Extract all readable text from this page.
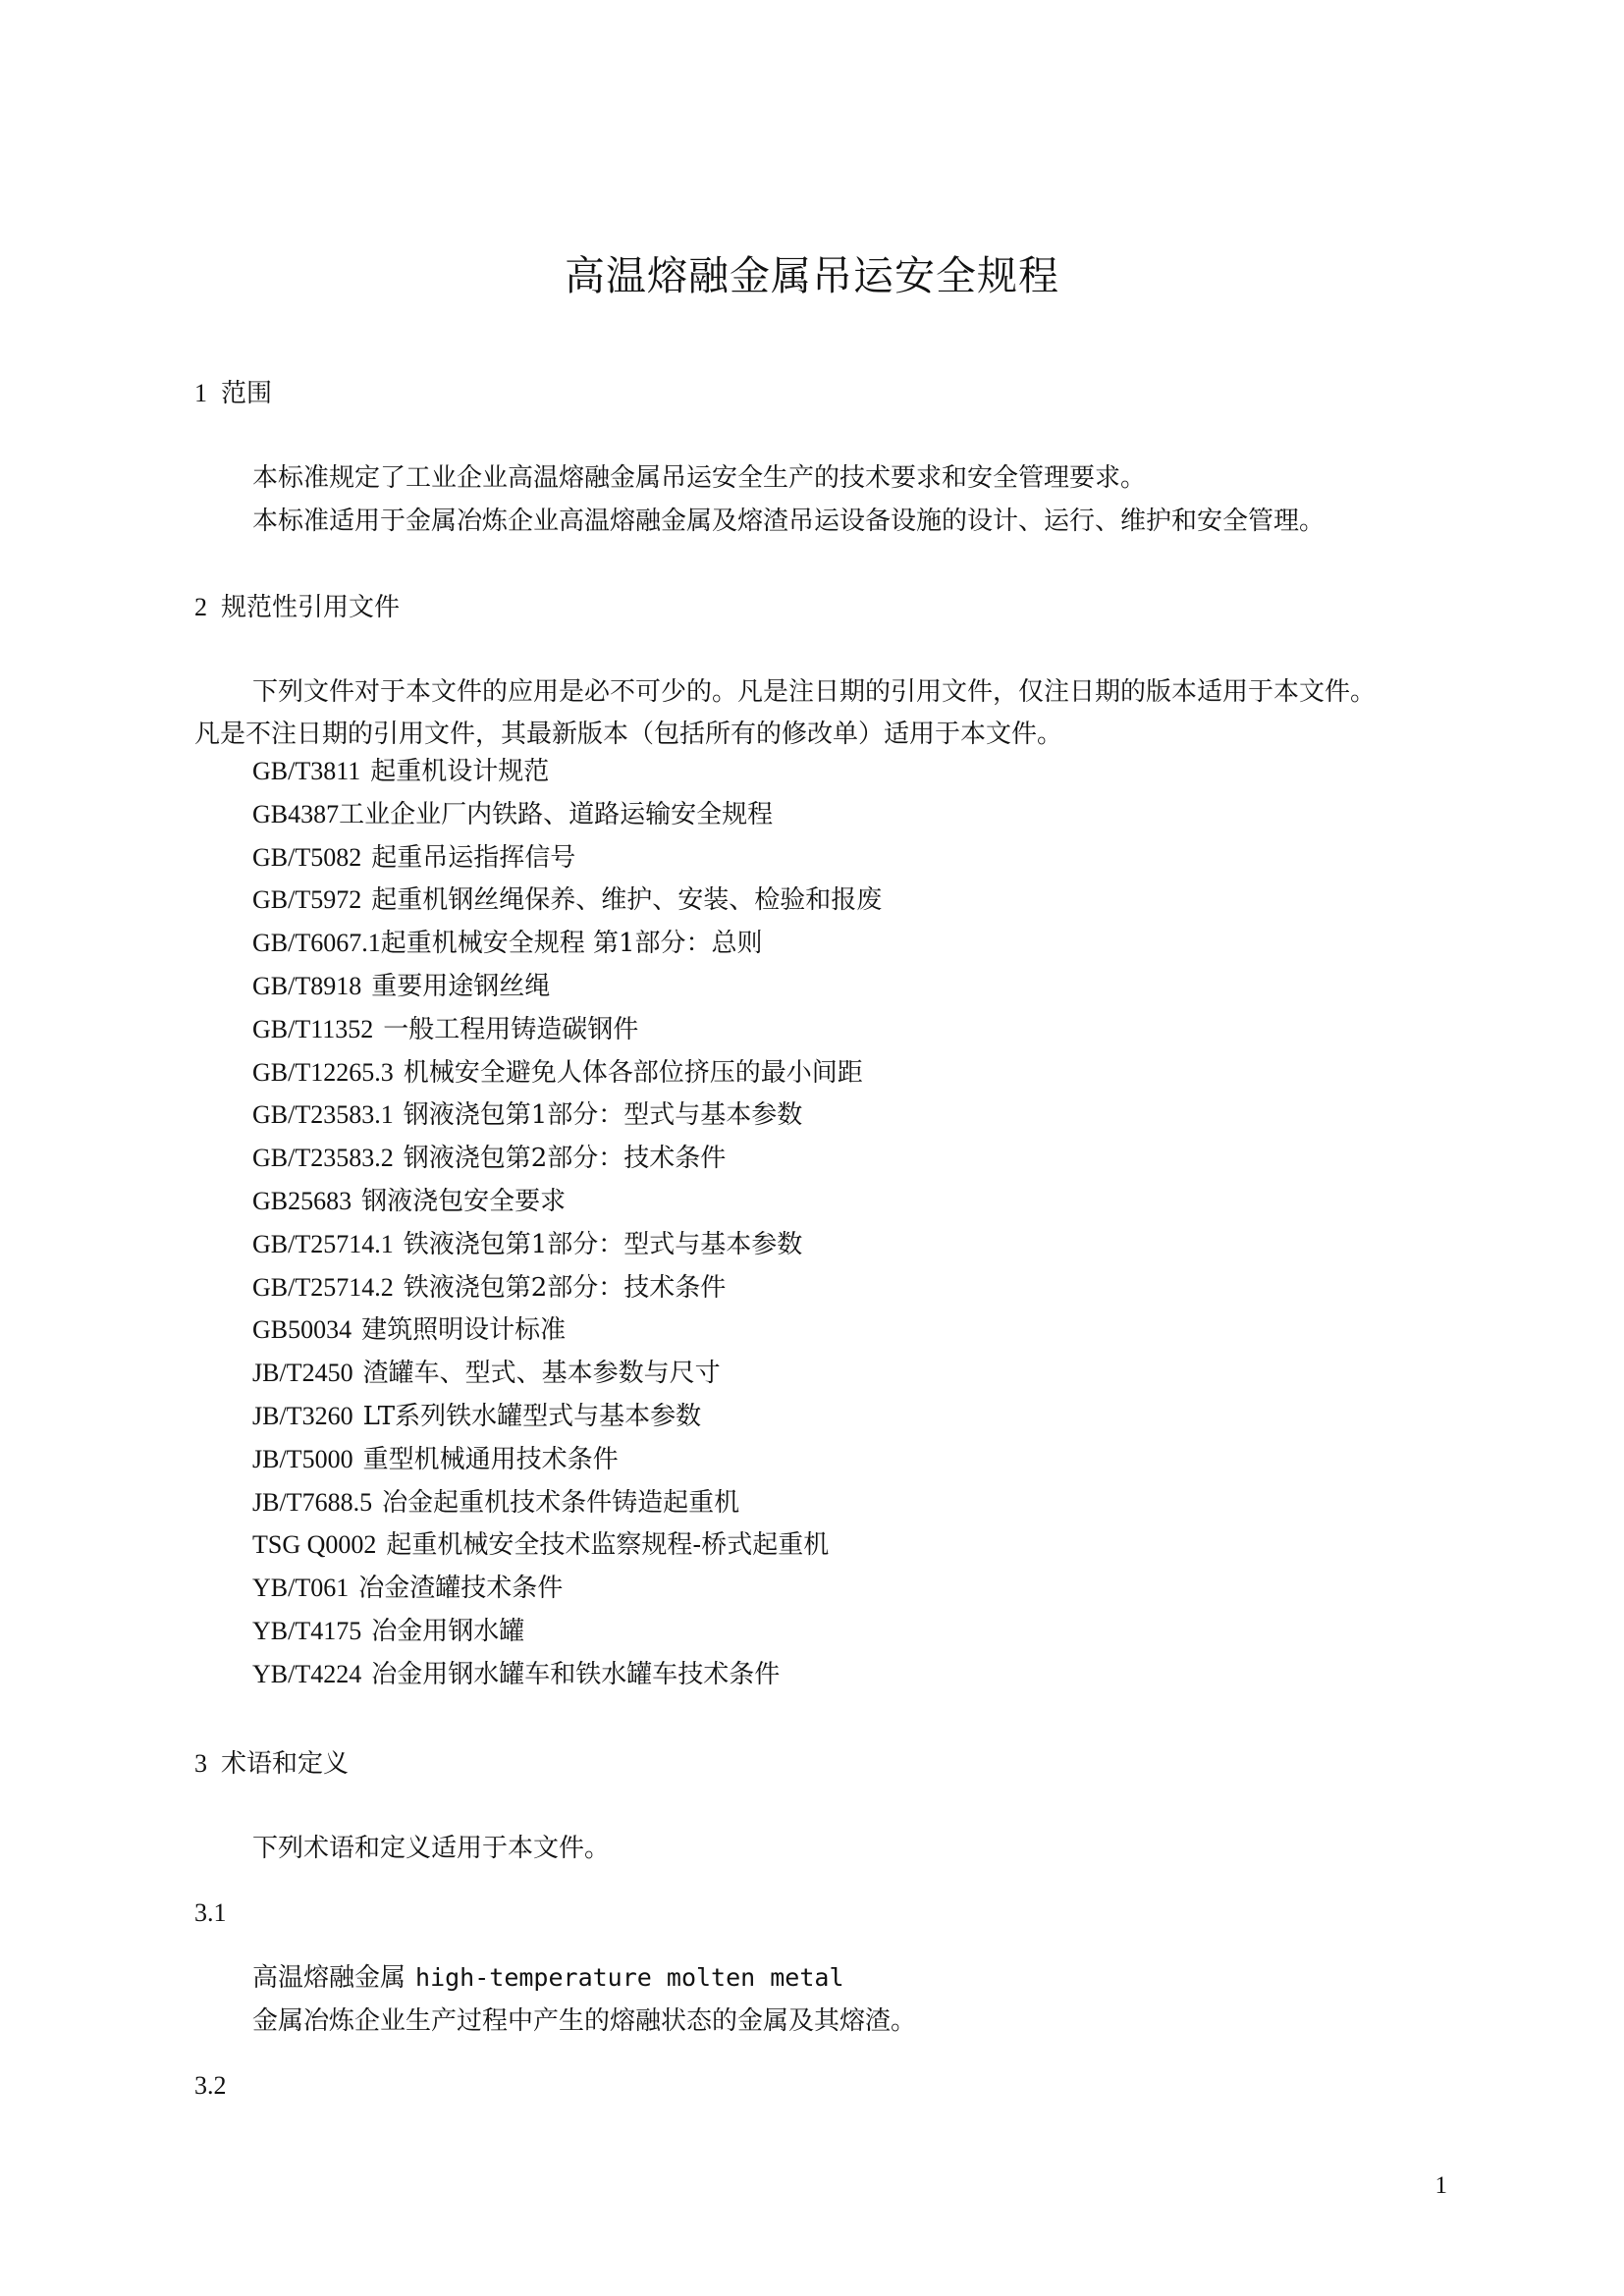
高温熔融金属吊运安全规程
1 范围
本标准规定了工业企业高温熔融金属吊运安全生产的技术要求和安全管理要求。
本标准适用于金属冶炼企业高温熔融金属及熔渣吊运设备设施的设计、运行、维护和安全管理。
2 规范性引用文件
下列文件对于本文件的应用是必不可少的。凡是注日期的引用文件，仅注日期的版本适用于本文件。
凡是不注日期的引用文件，其最新版本（包括所有的修改单）适用于本文件。
GB/T3811 起重机设计规范
GB4387工业企业厂内铁路、道路运输安全规程
GB/T5082 起重吊运指挥信号
GB/T5972 起重机钢丝绳保养、维护、安装、检验和报废
GB/T6067.1起重机械安全规程 第1部分：总则
GB/T8918 重要用途钢丝绳
GB/T11352 一般工程用铸造碳钢件
GB/T12265.3 机械安全避免人体各部位挤压的最小间距
GB/T23583.1 钢液浇包第1部分：型式与基本参数
GB/T23583.2 钢液浇包第2部分：技术条件
GB25683 钢液浇包安全要求
GB/T25714.1 铁液浇包第1部分：型式与基本参数
GB/T25714.2 铁液浇包第2部分：技术条件
GB50034 建筑照明设计标准
JB/T2450 渣罐车、型式、基本参数与尺寸
JB/T3260 LT系列铁水罐型式与基本参数
JB/T5000 重型机械通用技术条件
JB/T7688.5 冶金起重机技术条件铸造起重机
TSG Q0002 起重机械安全技术监察规程-桥式起重机
YB/T061 冶金渣罐技术条件
YB/T4175 冶金用钢水罐
YB/T4224 冶金用钢水罐车和铁水罐车技术条件
3 术语和定义
下列术语和定义适用于本文件。
3.1
高温熔融金属 high-temperature molten metal
金属冶炼企业生产过程中产生的熔融状态的金属及其熔渣。
3.2
1
